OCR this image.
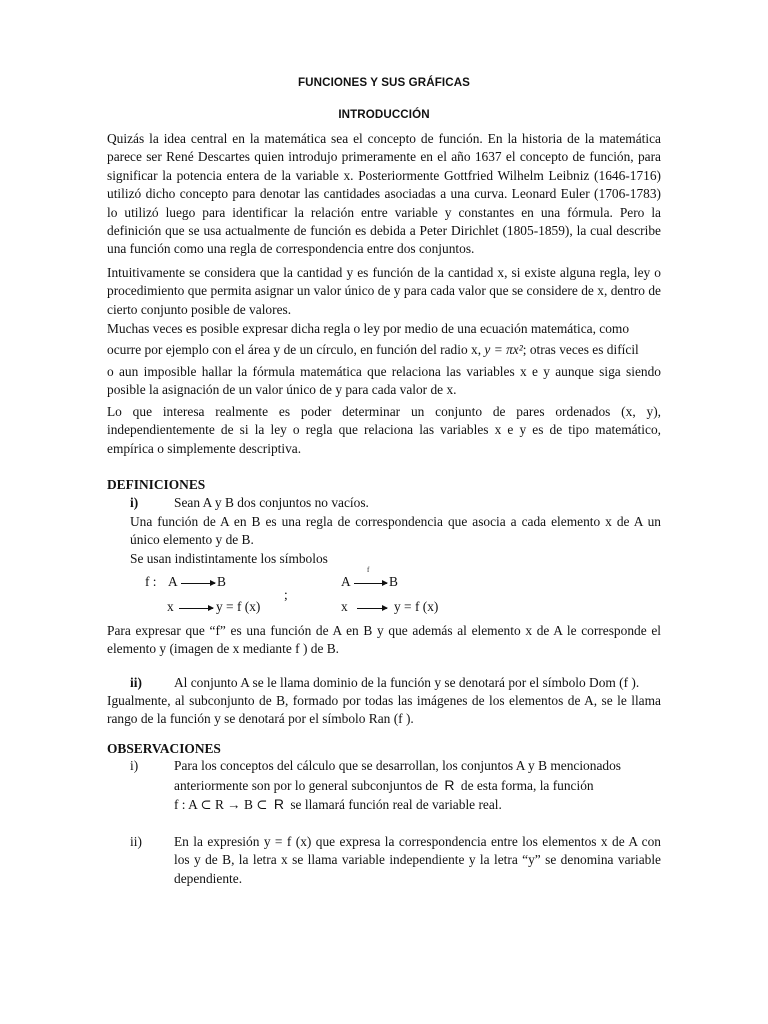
FUNCIONES Y SUS GRÁFICAS
INTRODUCCIÓN

Quizás la idea central en la matemática sea el concepto de función. En la historia de la matemática parece ser René Descartes quien introdujo primeramente en el año 1637 el concepto de función, para significar la potencia entera de la variable x. Posteriormente Gottfried Wilhelm Leibniz (1646-1716) utilizó dicho concepto para denotar las cantidades asociadas a una curva. Leonard Euler (1706-1783) lo utilizó luego para identificar la relación entre variable y constantes en una fórmula. Pero la definición que se usa actualmente de función es debida a Peter Dirichlet (1805-1859), la cual describe una función como una regla de correspondencia entre dos conjuntos.

Intuitivamente se considera que la cantidad y es función de la cantidad x, si existe alguna regla, ley o procedimiento que permita asignar un valor único de y para cada valor que se considere de x, dentro de cierto conjunto posible de valores.

Muchas veces es posible expresar dicha regla o ley por medio de una ecuación matemática, como
ocurre por ejemplo con el área y de un círculo, en función del radio x, y = πx²; otras veces es difícil

o aun imposible hallar la fórmula matemática que relaciona las variables x e y aunque siga siendo posible la asignación de un valor único de y para cada valor de x.

Lo que interesa realmente es poder determinar un conjunto de pares ordenados (x, y), independientemente de si la ley o regla que relaciona las variables x e y es de tipo matemático, empírica o simplemente descriptiva.

DEFINICIONES
i)	Sean A y B dos conjuntos no vacíos.

Una función de A en B es una regla de correspondencia que asocia a cada elemento x de A un único elemento y de B.

Se usan indistintamente los símbolos
f : A	B
x	y = f (x)
;
A
f
B
x	y = f (x)

Para expresar que “f” es una función de A en B y que además al elemento x de A le corresponde el elemento y (imagen de x mediante f ) de B.

ii) Al conjunto A se le llama dominio de la función y se denotará por el símbolo Dom (f ).

Igualmente, al subconjunto de B, formado por todas las imágenes de los elementos de A, se le llama rango de la función y se denotará por el símbolo Ran (f ).

OBSERVACIONES
i)	Para los conceptos del cálculo que se desarrollan, los conjuntos A y B mencionados
anteriormente son por lo general subconjuntos de R de esta forma, la función
f : A ⊂ R → B ⊂ R se llamará función real de variable real.
ii) En la expresión y = f (x) que expresa la correspondencia entre los elementos x de A con los y de B, la letra x se llama variable independiente y la letra “y” se denomina variable dependiente.
